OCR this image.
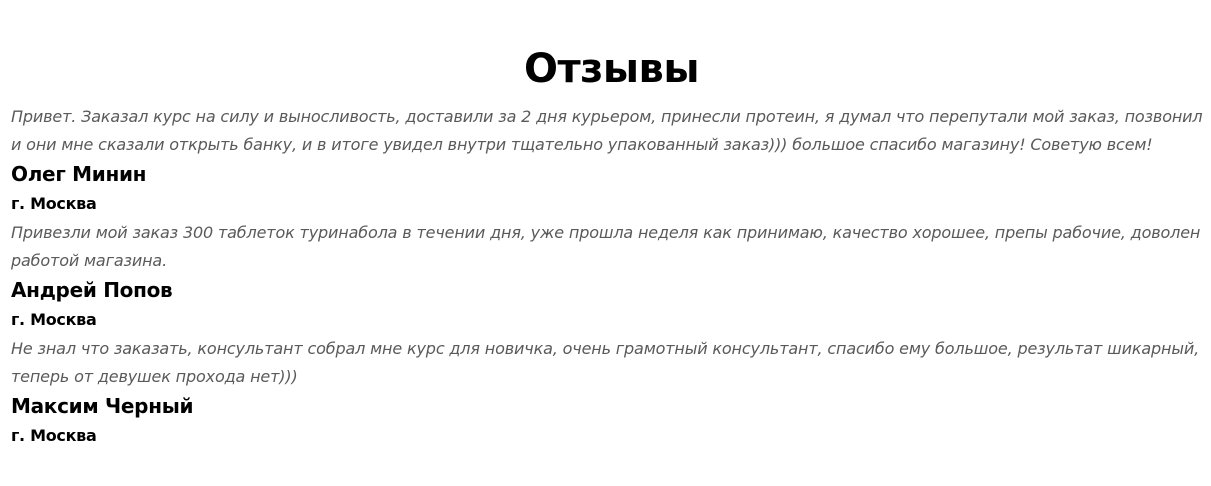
Отзывы

Привет. Заказал курс на силу и выносливость, доставили за 2 дня курьером, принесли протеин, я думал что перепутали мой заказ, позвонил и они мне сказали открыть банку, и в итоге увидел внутри тщательно упакованный заказ))) большое спасибо магазину! Советую всем!

Олег Минин
г. Москва

Привезли мой заказ 300 таблеток туринабола в течении дня, уже прошла неделя как принимаю, качество хорошее, препы рабочие, доволен работой магазина.

Андрей Попов
г. Москва

Не знал что заказать, консультант собрал мне курс для новичка, очень грамотный консультант, спасибо ему большое, результат шикарный, теперь от девушек прохода нет)))

Максим Черный
г. Москва
